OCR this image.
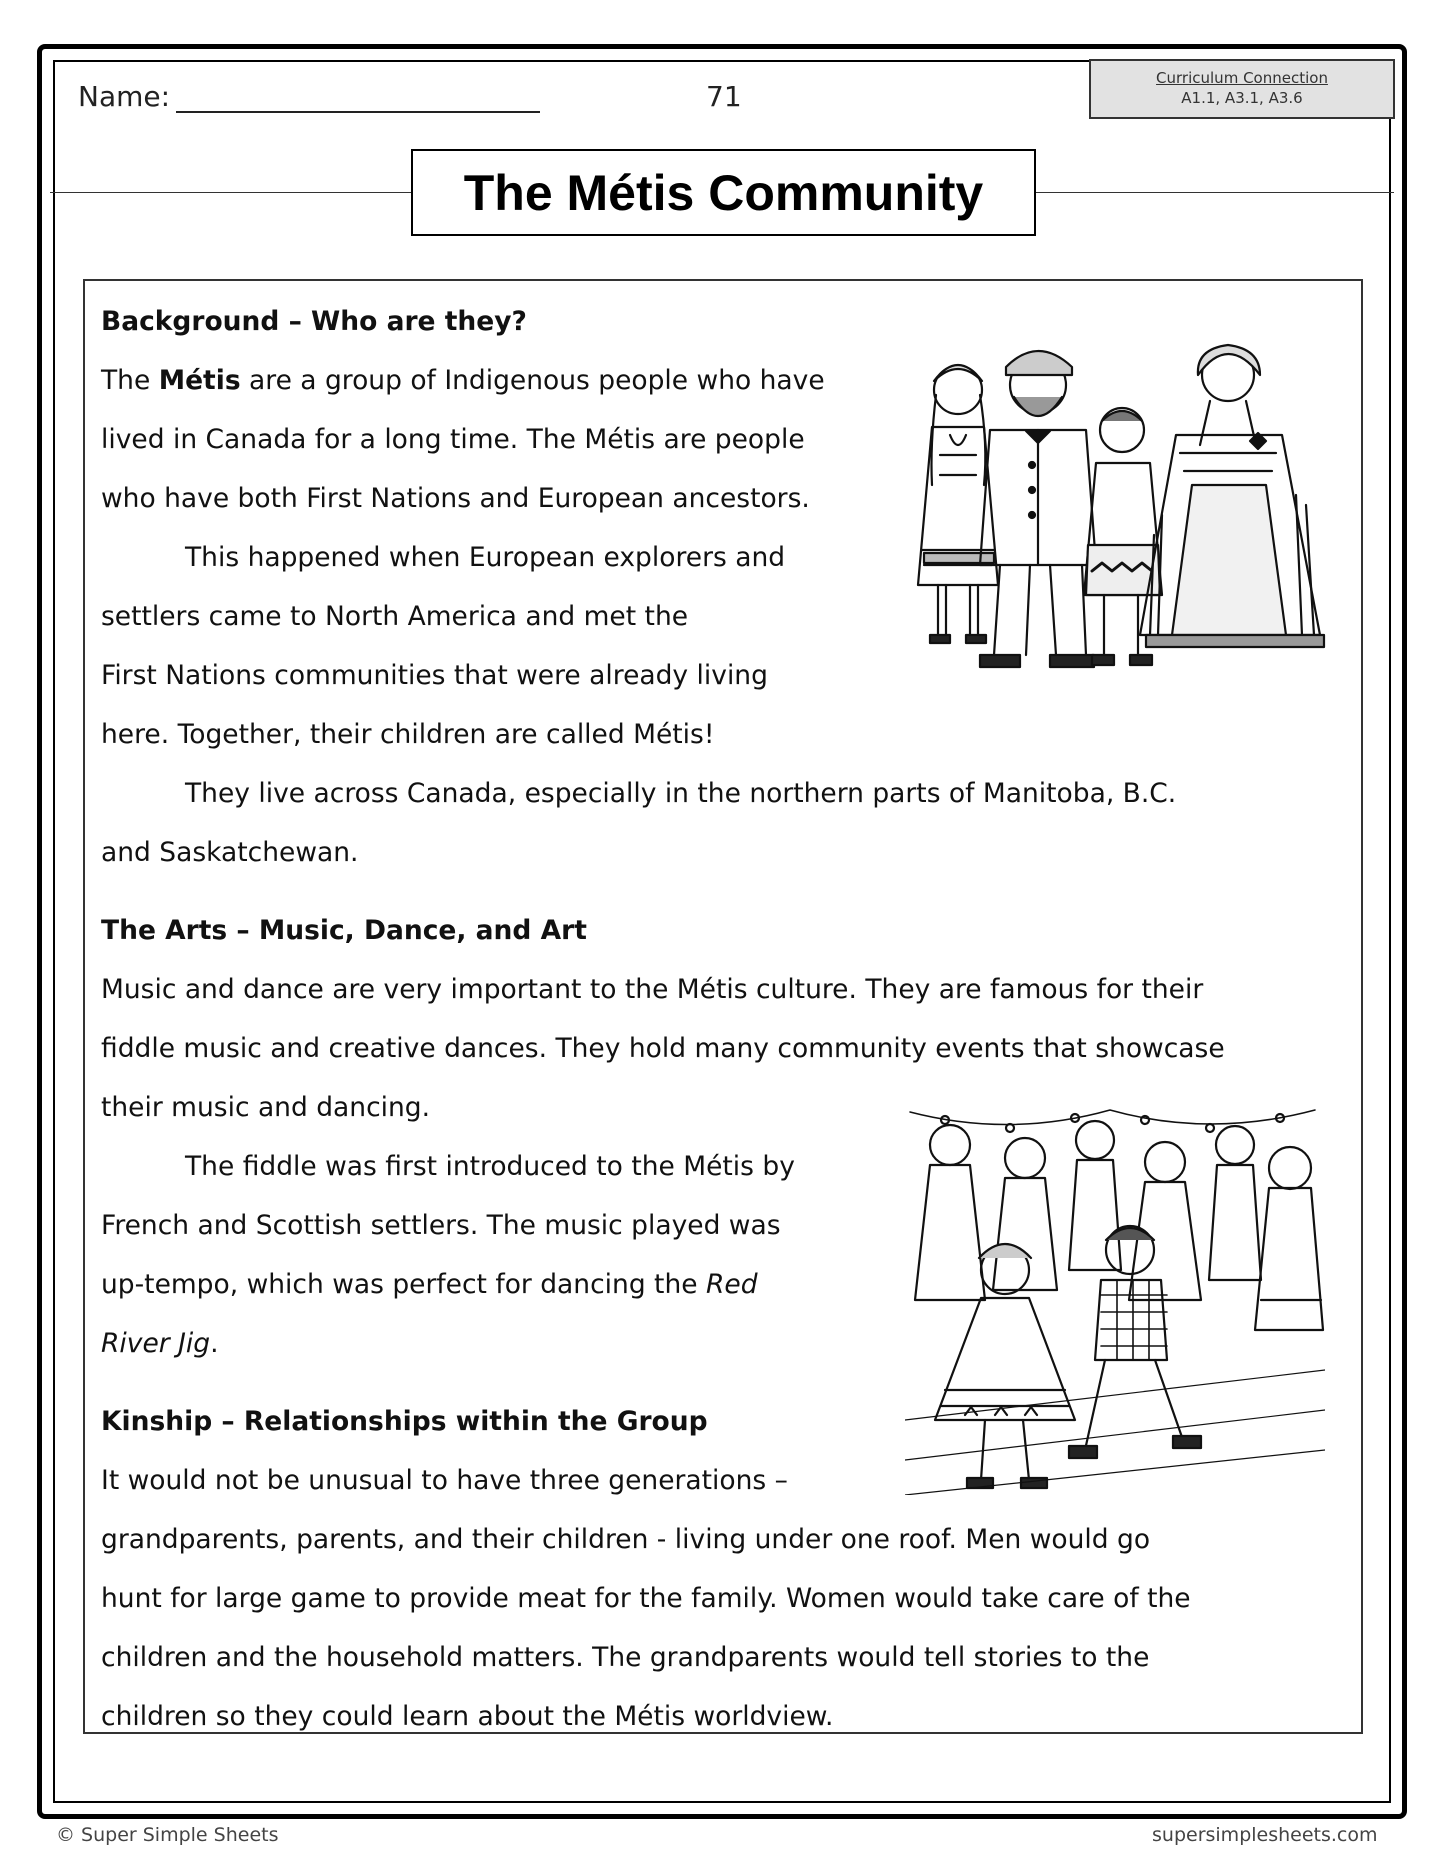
Name:	71
Curriculum Connection
A1.1, A3.1, A3.6
The Métis Community
Background – Who are they?
The Métis are a group of Indigenous people who have
lived in Canada for a long time. The Métis are people
who have both First Nations and European ancestors.
This happened when European explorers and
settlers came to North America and met the
First Nations communities that were already living
here. Together, their children are called Métis!
They live across Canada, especially in the northern parts of Manitoba, B.C.
and Saskatchewan.
The Arts – Music, Dance, and Art
Music and dance are very important to the Métis culture. They are famous for their
fiddle music and creative dances. They hold many community events that showcase
their music and dancing.
The fiddle was first introduced to the Métis by
French and Scottish settlers. The music played was
up-tempo, which was perfect for dancing the Red
River Jig.
Kinship – Relationships within the Group
It would not be unusual to have three generations –
grandparents, parents, and their children - living under one roof. Men would go
hunt for large game to provide meat for the family. Women would take care of the
children and the household matters. The grandparents would tell stories to the
children so they could learn about the Métis worldview.
© Super Simple Sheets	supersimplesheets.com
